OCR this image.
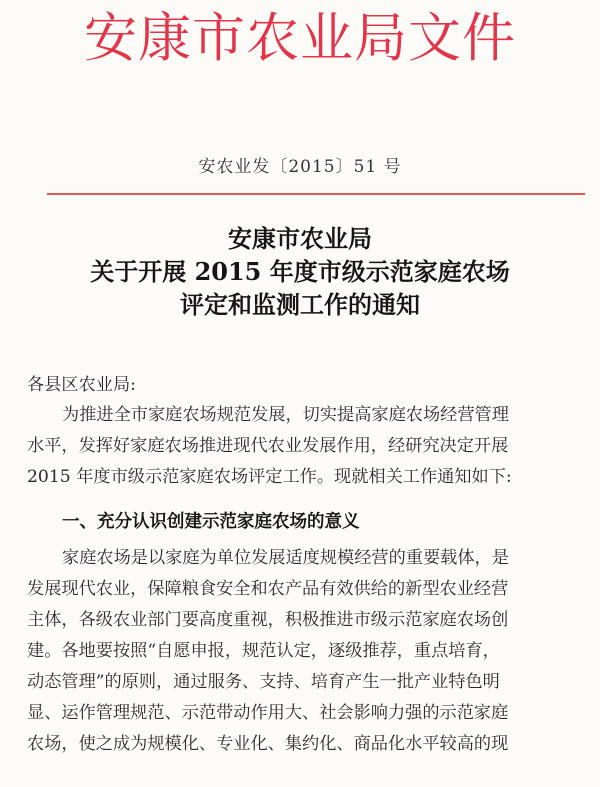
安康市农业局文件
安农业发〔2015〕51 号
安康市农业局
关于开展 2015 年度市级示范家庭农场
评定和监测工作的通知
各县区农业局:
为推进全市家庭农场规范发展，切实提高家庭农场经营管理
水平，发挥好家庭农场推进现代农业发展作用，经研究决定开展
2015 年度市级示范家庭农场评定工作。现就相关工作通知如下:
一、充分认识创建示范家庭农场的意义
家庭农场是以家庭为单位发展适度规模经营的重要载体，是
发展现代农业，保障粮食安全和农产品有效供给的新型农业经营
主体，各级农业部门要高度重视，积极推进市级示范家庭农场创
建。各地要按照“自愿申报，规范认定，逐级推荐，重点培育，
动态管理”的原则，通过服务、支持、培育产生一批产业特色明
显、运作管理规范、示范带动作用大、社会影响力强的示范家庭
农场，使之成为规模化、专业化、集约化、商品化水平较高的现
